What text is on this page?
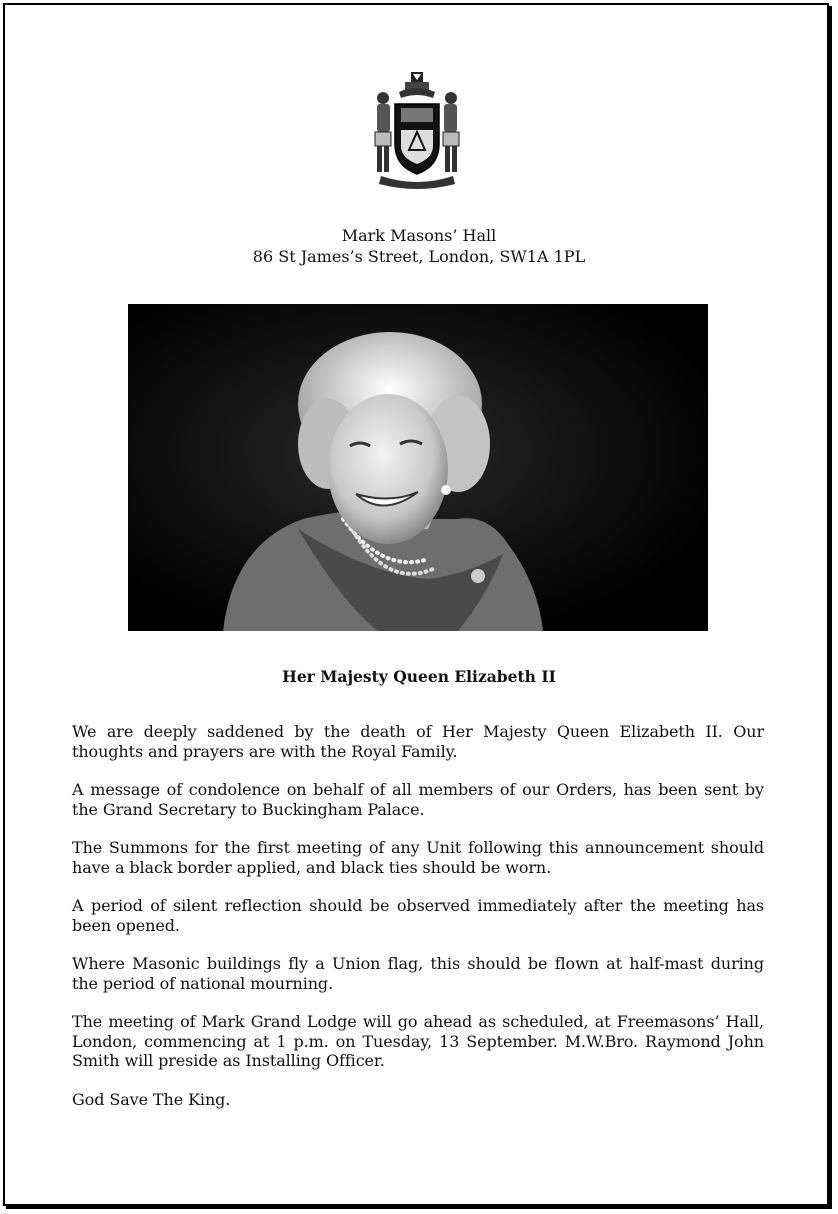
Mark Masons’ Hall
86 St James’s Street, London, SW1A 1PL
Her Majesty Queen Elizabeth II

We are deeply saddened by the death of Her Majesty Queen Elizabeth II. Our thoughts and prayers are with the Royal Family.

A message of condolence on behalf of all members of our Orders, has been sent by the Grand Secretary to Buckingham Palace.

The Summons for the first meeting of any Unit following this announcement should have a black border applied, and black ties should be worn.

A period of silent reflection should be observed immediately after the meeting has been opened.

Where Masonic buildings fly a Union flag, this should be flown at half-mast during the period of national mourning.

The meeting of Mark Grand Lodge will go ahead as scheduled, at Freemasons’ Hall, London, commencing at 1 p.m. on Tuesday, 13 September. M.W.Bro. Raymond John Smith will preside as Installing Officer.

God Save The King.
